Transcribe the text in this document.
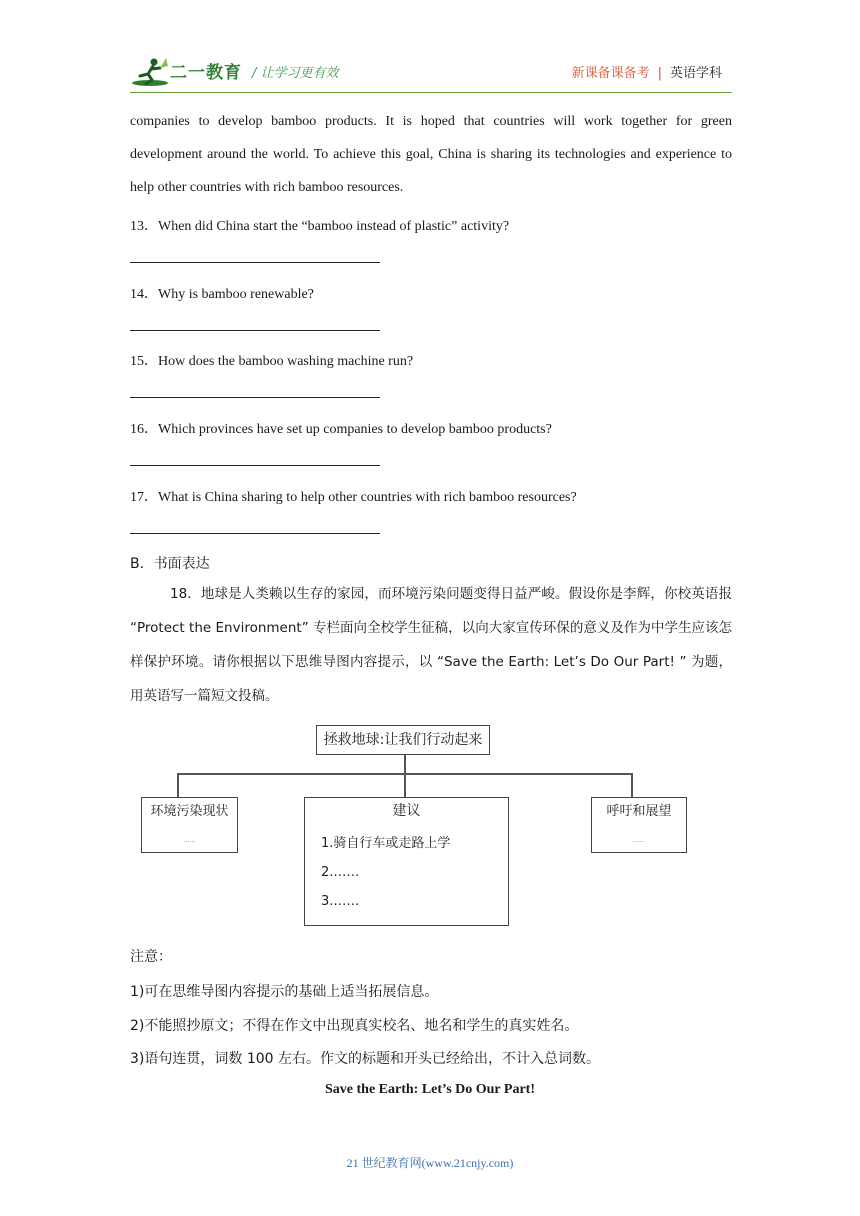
二一教育 / 让学习更有效	新课备课备考 | 英语学科
companies to develop bamboo products. It is hoped that countries will work together for green development around the world. To achieve this goal, China is sharing its technologies and experience to help other countries with rich bamboo resources.
13．When did China start the “bamboo instead of plastic” activity?
14．Why is bamboo renewable?
15．How does the bamboo washing machine run?
16．Which provinces have set up companies to develop bamboo products?
17．What is China sharing to help other countries with rich bamboo resources?
B．书面表达
18．地球是人类赖以生存的家园，而环境污染问题变得日益严峻。假设你是李辉，你校英语报 “Protect the Environment” 专栏面向全校学生征稿，以向大家宣传环保的意义及作为中学生应该怎样保护环境。请你根据以下思维导图内容提示，以 “Save the Earth: Let’s Do Our Part! ” 为题，用英语写一篇短文投稿。
拯救地球:让我们行动起来
环境污染现状
……
建议
1.骑自行车或走路上学
2.……
3.……
呼吁和展望
……
注意：
1)可在思维导图内容提示的基础上适当拓展信息。
2)不能照抄原文；不得在作文中出现真实校名、地名和学生的真实姓名。
3)语句连贯，词数 100 左右。作文的标题和开头已经给出，不计入总词数。
Save the Earth: Let’s Do Our Part!
21 世纪教育网(www.21cnjy.com)
